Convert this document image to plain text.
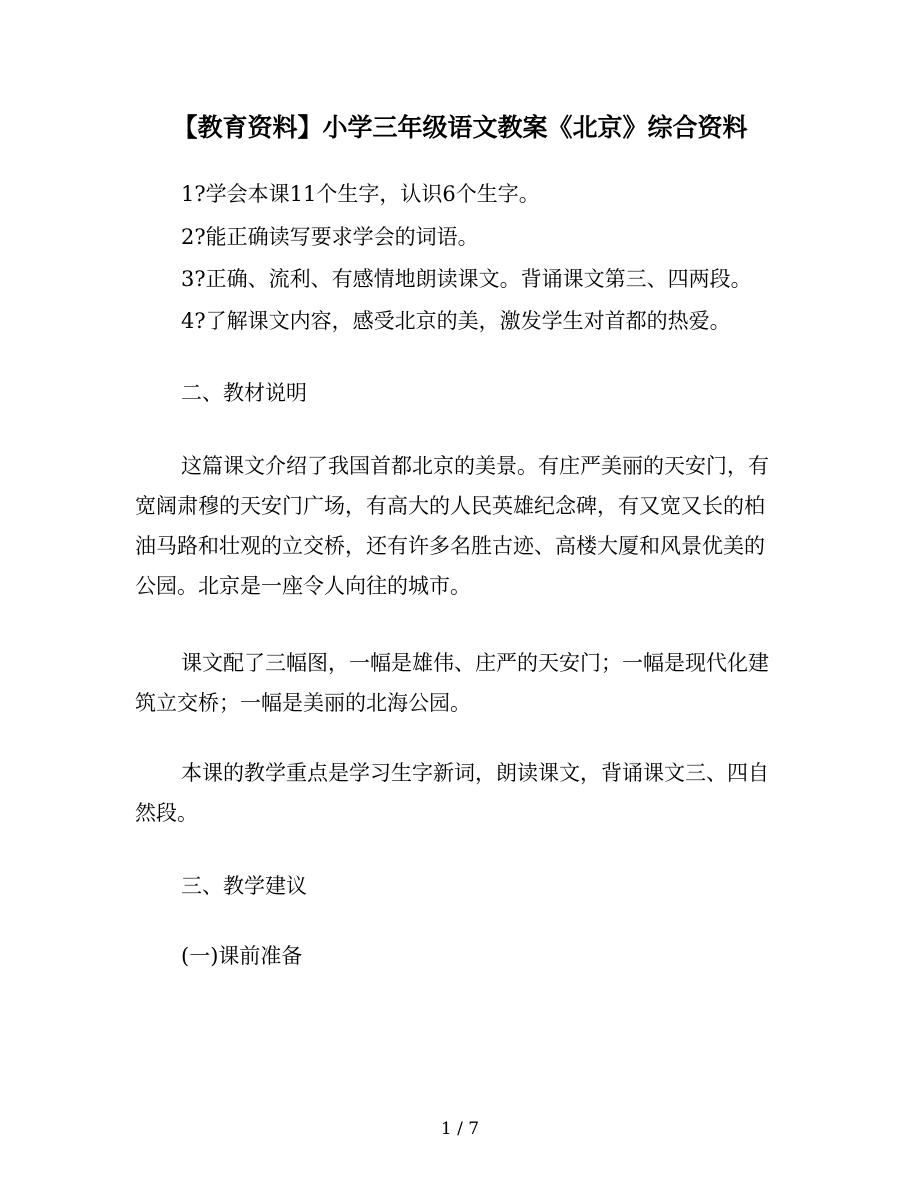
【教育资料】小学三年级语文教案《北京》综合资料
1?学会本课11个生字，认识6个生字。
2?能正确读写要求学会的词语。
3?正确、流利、有感情地朗读课文。背诵课文第三、四两段。
4?了解课文内容，感受北京的美，激发学生对首都的热爱。
二、教材说明
这篇课文介绍了我国首都北京的美景。有庄严美丽的天安门，有
宽阔肃穆的天安门广场，有高大的人民英雄纪念碑，有又宽又长的柏
油马路和壮观的立交桥，还有许多名胜古迹、高楼大厦和风景优美的
公园。北京是一座令人向往的城市。
课文配了三幅图，一幅是雄伟、庄严的天安门；一幅是现代化建
筑立交桥；一幅是美丽的北海公园。
本课的教学重点是学习生字新词，朗读课文，背诵课文三、四自
然段。
三、教学建议
(一)课前准备
1 / 7
